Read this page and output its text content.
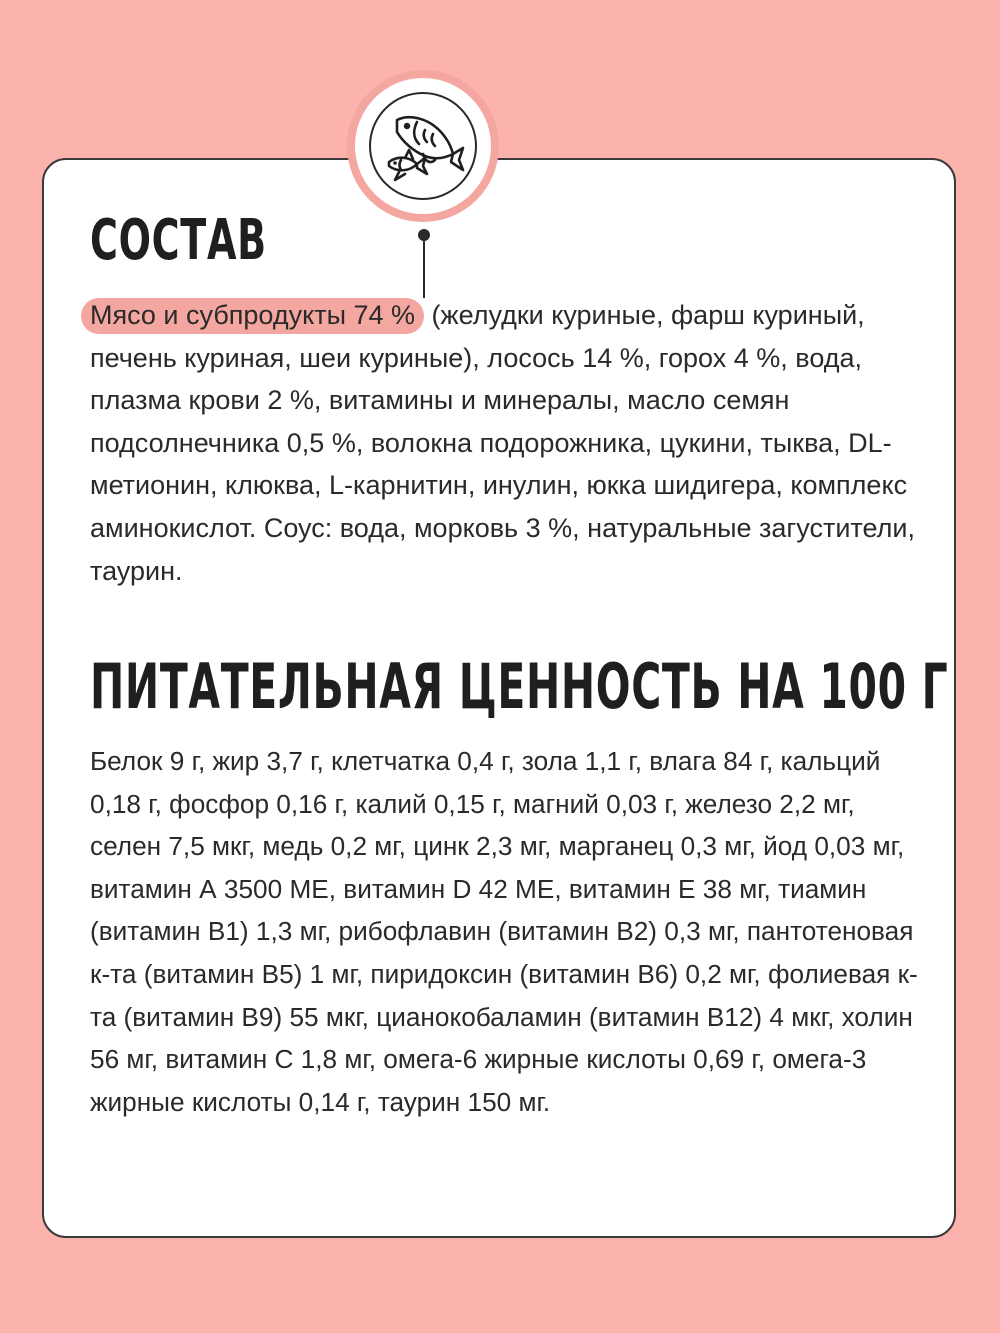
СОСТАВ

Мясо и субпродукты 74 % (желудки куриные, фарш куриный, печень куриная, шеи куриные), лосось 14 %, горох 4 %, вода, плазма крови 2 %, витамины и минералы, масло семян подсолнечника 0,5 %, волокна подорожника, цукини, тыква, DL-метионин, клюква, L-карнитин, инулин, юкка шидигера, комплекс аминокислот. Соус: вода, морковь 3 %, натуральные загустители, таурин.

ПИТАТЕЛЬНАЯ ЦЕННОСТЬ НА 100 Г

Белок 9 г, жир 3,7 г, клетчатка 0,4 г, зола 1,1 г, влага 84 г, кальций 0,18 г, фосфор 0,16 г, калий 0,15 г, магний 0,03 г, железо 2,2 мг, селен 7,5 мкг, медь 0,2 мг, цинк 2,3 мг, марганец 0,3 мг, йод 0,03 мг, витамин А 3500 МЕ, витамин D 42 МЕ, витамин Е 38 мг, тиамин (витамин B1) 1,3 мг, рибофлавин (витамин B2) 0,3 мг, пантотеновая к-та (витамин B5) 1 мг, пиридоксин (витамин B6) 0,2 мг, фолиевая к-та (витамин B9) 55 мкг, цианокобаламин (витамин B12) 4 мкг, холин 56 мг, витамин С 1,8 мг, омега-6 жирные кислоты 0,69 г, омега-3 жирные кислоты 0,14 г, таурин 150 мг.
